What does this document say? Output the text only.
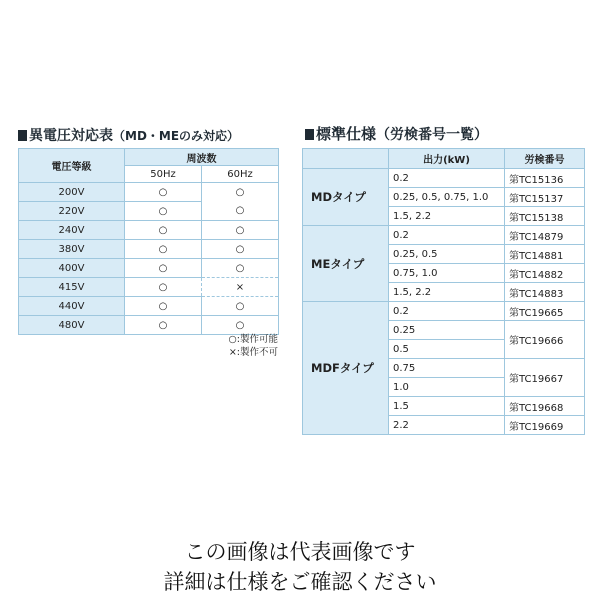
異電圧対応表（MD・MEのみ対応）
電圧等級	周波数	
	50Hz	60Hz
200V	○	○
220V	○	○
240V	○	○
380V	○	○
400V	○	○
415V	○	×
440V	○	○
480V	○	○
○:製作可能
×:製作不可
標準仕様（労検番号一覧）
	出力(kW)	労検番号
MDタイプ	0.2	第TC15136
	0.25, 0.5, 0.75, 1.0	第TC15137
	1.5, 2.2	第TC15138
MEタイプ	0.2	第TC14879
	0.25, 0.5	第TC14881
	0.75, 1.0	第TC14882
	1.5, 2.2	第TC14883
MDFタイプ	0.2	第TC19665
	0.25	第TC19666
	0.5	
	0.75	第TC19667
	1.0	
	1.5	第TC19668
	2.2	第TC19669
この画像は代表画像です
詳細は仕様をご確認ください
